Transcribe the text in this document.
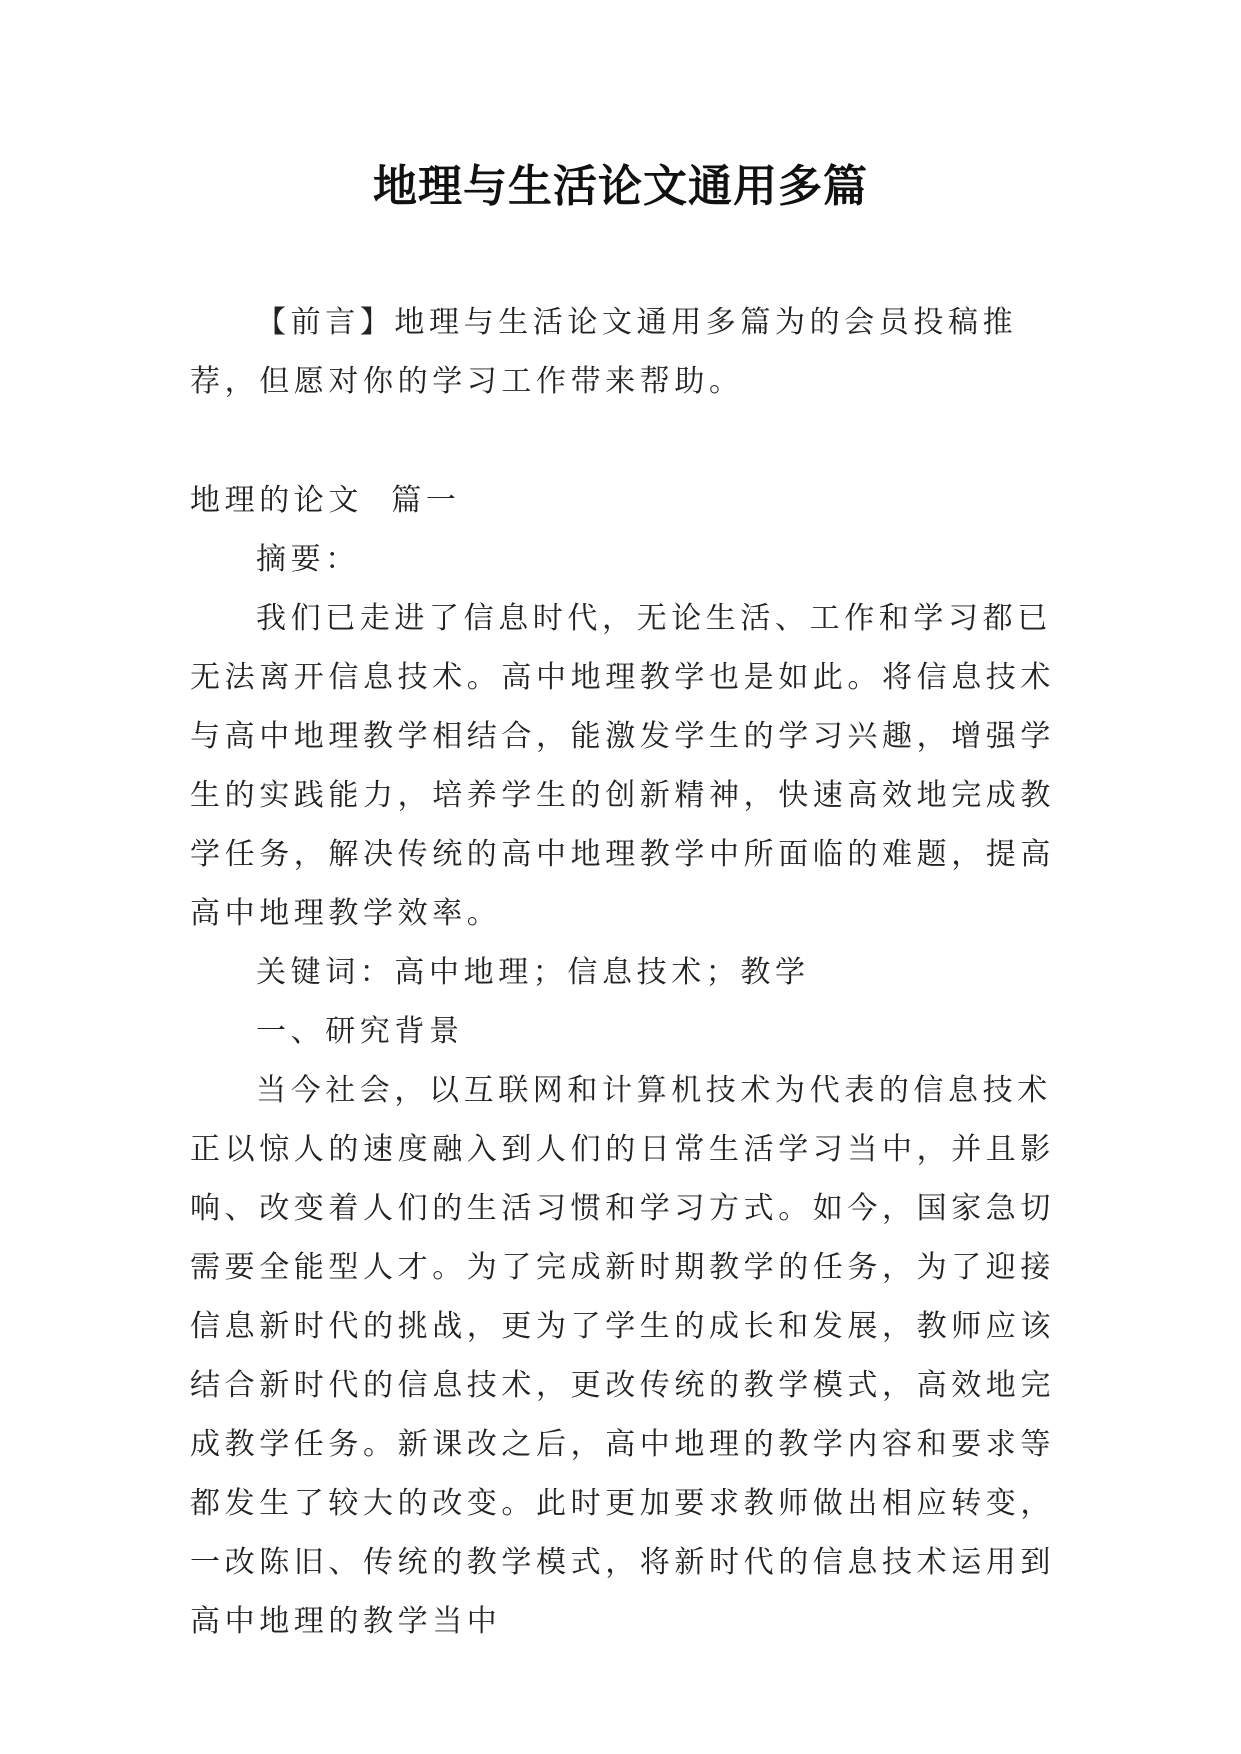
地理与生活论文通用多篇

【前言】地理与生活论文通用多篇为的会员投稿推荐，但愿对你的学习工作带来帮助。

地理的论文  篇一

摘要：

我们已走进了信息时代，无论生活、工作和学习都已无法离开信息技术。高中地理教学也是如此。将信息技术与高中地理教学相结合，能激发学生的学习兴趣，增强学生的实践能力，培养学生的创新精神，快速高效地完成教学任务，解决传统的高中地理教学中所面临的难题，提高高中地理教学效率。

关键词：高中地理；信息技术；教学

一、研究背景

当今社会，以互联网和计算机技术为代表的信息技术正以惊人的速度融入到人们的日常生活学习当中，并且影响、改变着人们的生活习惯和学习方式。如今，国家急切需要全能型人才。为了完成新时期教学的任务，为了迎接信息新时代的挑战，更为了学生的成长和发展，教师应该结合新时代的信息技术，更改传统的教学模式，高效地完成教学任务。新课改之后，高中地理的教学内容和要求等都发生了较大的改变。此时更加要求教师做出相应转变，一改陈旧、传统的教学模式，将新时代的信息技术运用到高中地理的教学当中
